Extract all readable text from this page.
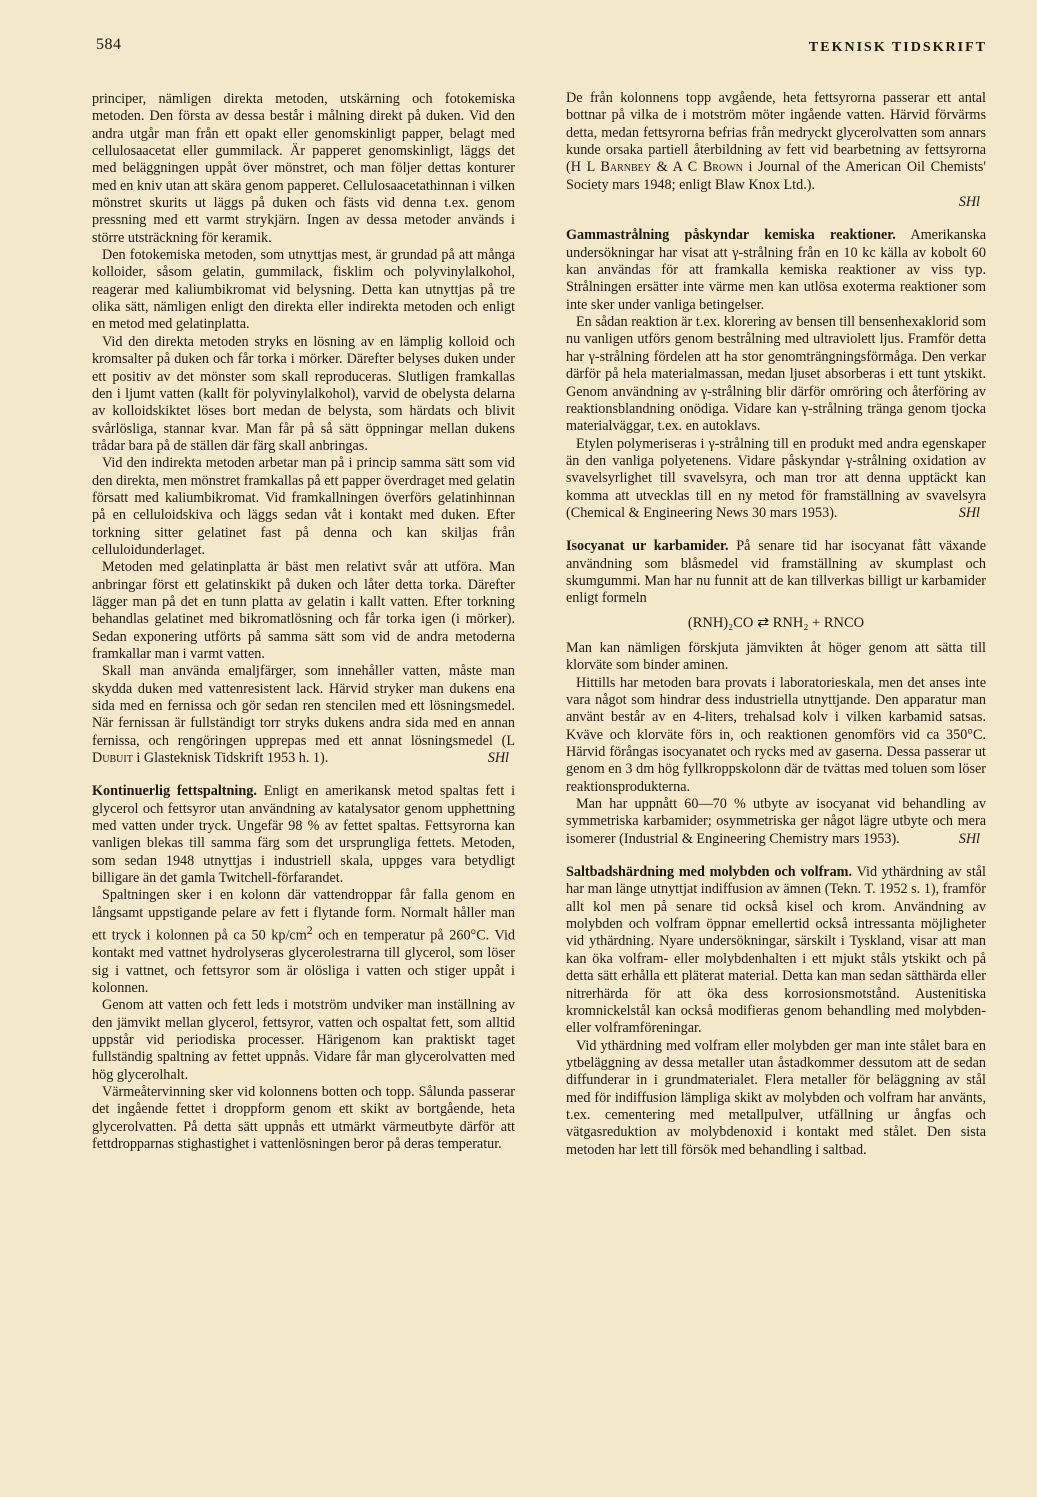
584	TEKNISK TIDSKRIFT

principer, nämligen direkta metoden, utskärning och fotokemiska metoden. Den första av dessa består i målning direkt på duken. Vid den andra utgår man från ett opakt eller genomskinligt papper, belagt med cellulosaacetat eller gummilack. Är papperet genomskinligt, läggs det med beläggningen uppåt över mönstret, och man följer dettas konturer med en kniv utan att skära genom papperet. Cellulosaacetathinnan i vilken mönstret skurits ut läggs på duken och fästs vid denna t.ex. genom pressning med ett varmt strykjärn. Ingen av dessa metoder används i större utsträckning för keramik.

Den fotokemiska metoden, som utnyttjas mest, är grundad på att många kolloider, såsom gelatin, gummilack, fisklim och polyvinylalkohol, reagerar med kaliumbikromat vid belysning. Detta kan utnyttjas på tre olika sätt, nämligen enligt den direkta eller indirekta metoden och enligt en metod med gelatinplatta.

Vid den direkta metoden stryks en lösning av en lämplig kolloid och kromsalter på duken och får torka i mörker. Därefter belyses duken under ett positiv av det mönster som skall reproduceras. Slutligen framkallas den i ljumt vatten (kallt för polyvinylalkohol), varvid de obelysta delarna av kolloidskiktet löses bort medan de belysta, som härdats och blivit svårlösliga, stannar kvar. Man får på så sätt öppningar mellan dukens trådar bara på de ställen där färg skall anbringas.

Vid den indirekta metoden arbetar man på i princip samma sätt som vid den direkta, men mönstret framkallas på ett papper överdraget med gelatin försatt med kaliumbikromat. Vid framkallningen överförs gelatinhinnan på en celluloidskiva och läggs sedan våt i kontakt med duken. Efter torkning sitter gelatinet fast på denna och kan skiljas från celluloidunderlaget.

Metoden med gelatinplatta är bäst men relativt svår att utföra. Man anbringar först ett gelatinskikt på duken och låter detta torka. Därefter lägger man på det en tunn platta av gelatin i kallt vatten. Efter torkning behandlas gelatinet med bikromatlösning och får torka igen (i mörker). Sedan exponering utförts på samma sätt som vid de andra metoderna framkallar man i varmt vatten.

Skall man använda emaljfärger, som innehåller vatten, måste man skydda duken med vattenresistent lack. Härvid stryker man dukens ena sida med en fernissa och gör sedan ren stencilen med ett lösningsmedel. När fernissan är fullständigt torr stryks dukens andra sida med en annan fernissa, och rengöringen upprepas med ett annat lösningsmedel (L Dubuit i Glasteknisk Tidskrift 1953 h. 1).	SHl

Kontinuerlig fettspaltning. Enligt en amerikansk metod spaltas fett i glycerol och fettsyror utan användning av katalysator genom upphettning med vatten under tryck. Ungefär 98 % av fettet spaltas. Fettsyrorna kan vanligen blekas till samma färg som det ursprungliga fettets. Metoden, som sedan 1948 utnyttjas i industriell skala, uppges vara betydligt billigare än det gamla Twitchell-förfarandet.

Spaltningen sker i en kolonn där vattendroppar får falla genom en långsamt uppstigande pelare av fett i flytande form. Normalt håller man ett tryck i kolonnen på ca 50 $kp/cm^2$ och en temperatur på 260°C. Vid kontakt med vattnet hydrolyseras glycerolestrarna till glycerol, som löser sig i vattnet, och fettsyror som är olösliga i vatten och stiger uppåt i kolonnen.

Genom att vatten och fett leds i motström undviker man inställning av den jämvikt mellan glycerol, fettsyror, vatten och ospaltat fett, som alltid uppstår vid periodiska processer. Härigenom kan praktiskt taget fullständig spaltning av fettet uppnås. Vidare får man glycerolvatten med hög glycerolhalt.

Värmeåtervinning sker vid kolonnens botten och topp. Sålunda passerar det ingående fettet i droppform genom ett skikt av bortgående, heta glycerolvatten. På detta sätt uppnås ett utmärkt värmeutbyte därför att fettdropparnas stighastighet i vattenlösningen beror på deras temperatur.

De från kolonnens topp avgående, heta fettsyrorna passerar ett antal bottnar på vilka de i motström möter ingående vatten. Härvid förvärms detta, medan fettsyrorna befrias från medryckt glycerolvatten som annars kunde orsaka partiell återbildning av fett vid bearbetning av fettsyrorna (H L Barnbey & A C Brown i Journal of the American Oil Chemists' Society mars 1948; enligt Blaw Knox Ltd.).

SHl

Gammastrålning påskyndar kemiska reaktioner. Amerikanska undersökningar har visat att γ-strålning från en 10 kc källa av kobolt 60 kan användas för att framkalla kemiska reaktioner av viss typ. Strålningen ersätter inte värme men kan utlösa exoterma reaktioner som inte sker under vanliga betingelser.

En sådan reaktion är t.ex. klorering av bensen till bensenhexaklorid som nu vanligen utförs genom bestrålning med ultraviolett ljus. Framför detta har γ-strålning fördelen att ha stor genomträngningsförmåga. Den verkar därför på hela materialmassan, medan ljuset absorberas i ett tunt ytskikt. Genom användning av γ-strålning blir därför omröring och återföring av reaktionsblandning onödiga. Vidare kan γ-strålning tränga genom tjocka materialväggar, t.ex. en autoklavs.

Etylen polymeriseras i γ-strålning till en produkt med andra egenskaper än den vanliga polyetenens. Vidare påskyndar γ-strålning oxidation av svavelsyrlighet till svavelsyra, och man tror att denna upptäckt kan komma att utvecklas till en ny metod för framställning av svavelsyra (Chemical & Engineering News 30 mars 1953).	SHl

Isocyanat ur karbamider. På senare tid har isocyanat fått växande användning som blåsmedel vid framställning av skumplast och skumgummi. Man har nu funnit att de kan tillverkas billigt ur karbamider enligt formeln

(RNH)₂CO ⇄ RNH₂ + RNCO

Man kan nämligen förskjuta jämvikten åt höger genom att sätta till klorväte som binder aminen.

Hittills har metoden bara provats i laboratorieskala, men det anses inte vara något som hindrar dess industriella utnyttjande. Den apparatur man använt består av en 4-liters, trehalsad kolv i vilken karbamid satsas. Kväve och klorväte förs in, och reaktionen genomförs vid ca 350°C. Härvid förångas isocyanatet och rycks med av gaserna. Dessa passerar ut genom en 3 dm hög fyllkroppskolonn där de tvättas med toluen som löser reaktionsprodukterna.

Man har uppnått 60—70 % utbyte av isocyanat vid behandling av symmetriska karbamider; osymmetriska ger något lägre utbyte och mera isomerer (Industrial & Engineering Chemistry mars 1953).	SHl

Saltbadshärdning med molybden och volfram. Vid ythärdning av stål har man länge utnyttjat indiffusion av ämnen (Tekn. T. 1952 s. 1), framför allt kol men på senare tid också kisel och krom. Användning av molybden och volfram öppnar emellertid också intressanta möjligheter vid ythärdning. Nyare undersökningar, särskilt i Tyskland, visar att man kan öka volfram- eller molybdenhalten i ett mjukt ståls ytskikt och på detta sätt erhålla ett pläterat material. Detta kan man sedan sätthärda eller nitrerhärda för att öka dess korrosionsmotstånd. Austenitiska kromnickelstål kan också modifieras genom behandling med molybden- eller volframföreningar.

Vid ythärdning med volfram eller molybden ger man inte stålet bara en ytbeläggning av dessa metaller utan åstadkommer dessutom att de sedan diffunderar in i grundmaterialet. Flera metaller för beläggning av stål med för indiffusion lämpliga skikt av molybden och volfram har använts, t.ex. cementering med metallpulver, utfällning ur ångfas och vätgasreduktion av molybdenoxid i kontakt med stålet. Den sista metoden har lett till försök med behandling i saltbad.
